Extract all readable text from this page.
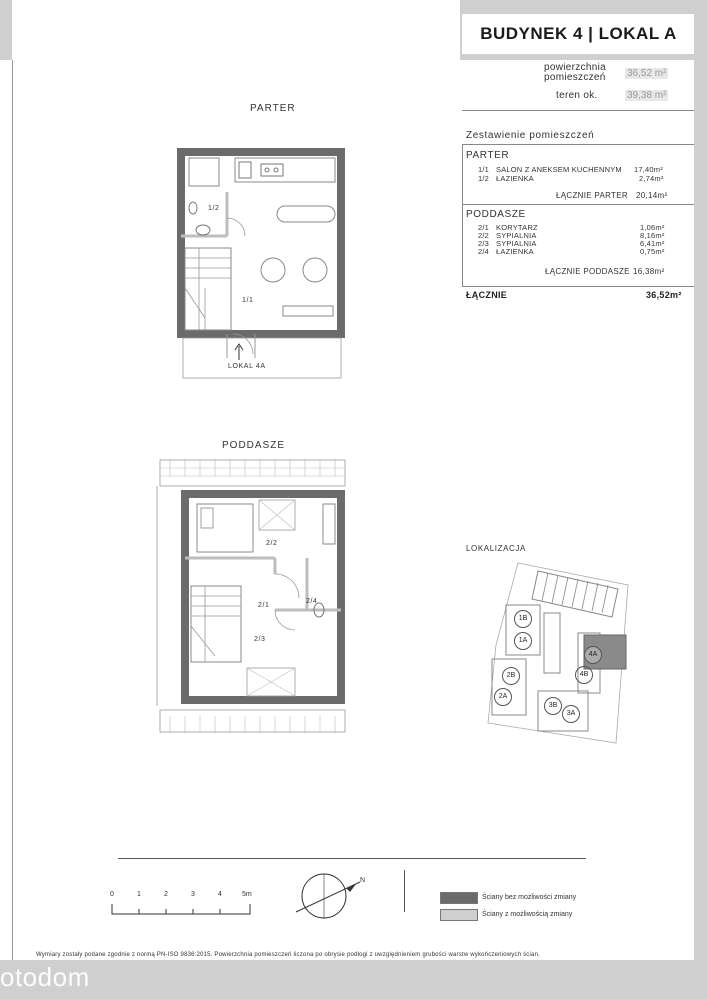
BUDYNEK 4 | LOKAL A
powierzchnia
pomieszczeń 36,52 m²
teren ok.	39,38 m²
Zestawienie pomieszczeń
PARTER
1/1 SALON Z ANEKSEM KUCHENNYM 17,40m²
1/2 ŁAZIENKA	2,74m²
ŁĄCZNIE PARTER 20,14m²
PODDASZE
2/1 KORYTARZ	1,06m²
2/2 SYPIALNIA	8,16m²
2/3 SYPIALNIA	6,41m²
2/4 ŁAZIENKA	0,75m²
ŁĄCZNIE PODDASZE 16,38m²
ŁĄCZNIE	36,52m²
PARTER
1/2
1/1
LOKAL 4A
PODDASZE
2/2
2/1
2/4
2/3
LOKALIZACJA
1B
1A
2B
2A
3B
3A
4A
4B
0	1	2	3	4	5m
N
Ściany bez możliwości zmiany
Ściany z możliwością zmiany
Wymiary zostały podane zgodnie z normą PN-ISO 9836:2015. Powierzchnia pomieszczeń liczona po obrysie podłogi z uwzględnieniem grubości warstw wykończeniowych ścian.
otodom
